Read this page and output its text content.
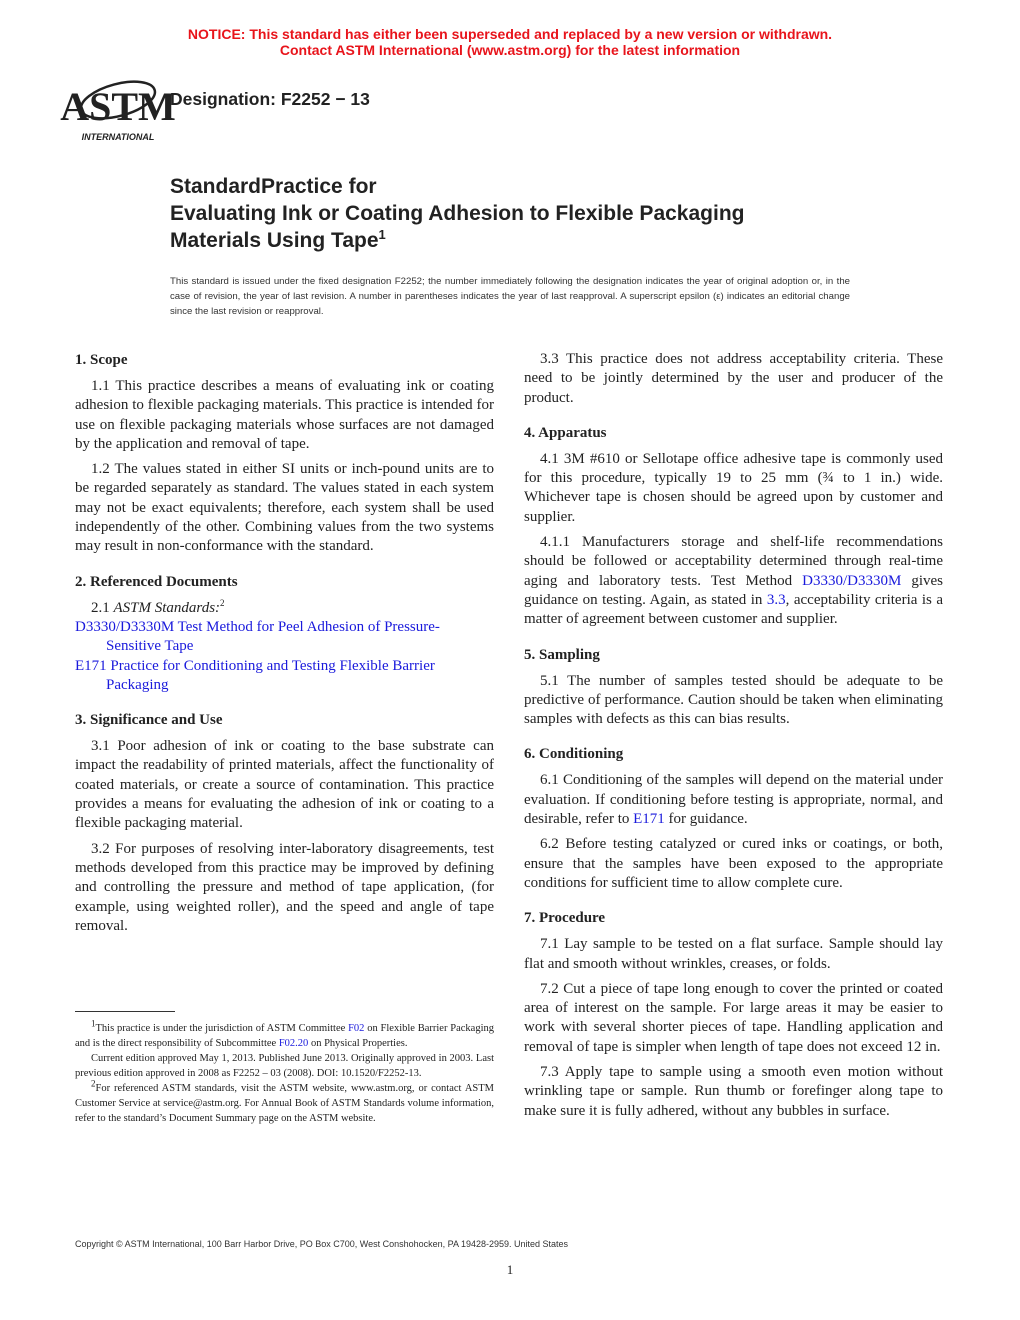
NOTICE: This standard has either been superseded and replaced by a new version or withdrawn.
Contact ASTM International (www.astm.org) for the latest information
ASTM
INTERNATIONAL
Designation: F2252 − 13
StandardPractice for
Evaluating Ink or Coating Adhesion to Flexible Packaging
Materials Using Tape$^1$
This standard is issued under the fixed designation F2252; the number immediately following the designation indicates the year of original adoption or, in the case of revision, the year of last revision. A number in parentheses indicates the year of last reapproval. A superscript epsilon (ε) indicates an editorial change since the last revision or reapproval.
1. Scope

1.1 This practice describes a means of evaluating ink or coating adhesion to flexible packaging materials. This practice is intended for use on flexible packaging materials whose surfaces are not damaged by the application and removal of tape.

1.2 The values stated in either SI units or inch-pound units are to be regarded separately as standard. The values stated in each system may not be exact equivalents; therefore, each system shall be used independently of the other. Combining values from the two systems may result in non-conformance with the standard.

2. Referenced Documents

2.1 ASTM Standards:$^2$

D3330/D3330M Test Method for Peel Adhesion of Pressure-Sensitive Tape

E171 Practice for Conditioning and Testing Flexible Barrier Packaging

3. Significance and Use

3.1 Poor adhesion of ink or coating to the base substrate can impact the readability of printed materials, affect the functionality of coated materials, or create a source of contamination. This practice provides a means for evaluating the adhesion of ink or coating to a flexible packaging material.

3.2 For purposes of resolving inter-laboratory disagreements, test methods developed from this practice may be improved by defining and controlling the pressure and method of tape application, (for example, using weighted roller), and the speed and angle of tape removal.

3.3 This practice does not address acceptability criteria. These need to be jointly determined by the user and producer of the product.

4. Apparatus

4.1 3M #610 or Sellotape office adhesive tape is commonly used for this procedure, typically 19 to 25 mm (¾ to 1 in.) wide. Whichever tape is chosen should be agreed upon by customer and supplier.

4.1.1 Manufacturers storage and shelf-life recommendations should be followed or acceptability determined through real-time aging and laboratory tests. Test Method D3330/D3330M gives guidance on testing. Again, as stated in 3.3, acceptability criteria is a matter of agreement between customer and supplier.

5. Sampling

5.1 The number of samples tested should be adequate to be predictive of performance. Caution should be taken when eliminating samples with defects as this can bias results.

6. Conditioning

6.1 Conditioning of the samples will depend on the material under evaluation. If conditioning before testing is appropriate, normal, and desirable, refer to E171 for guidance.

6.2 Before testing catalyzed or cured inks or coatings, or both, ensure that the samples have been exposed to the appropriate conditions for sufficient time to allow complete cure.

7. Procedure

7.1 Lay sample to be tested on a flat surface. Sample should lay flat and smooth without wrinkles, creases, or folds.

7.2 Cut a piece of tape long enough to cover the printed or coated area of interest on the sample. For large areas it may be easier to work with several shorter pieces of tape. Handling application and removal of tape is simpler when length of tape does not exceed 12 in.

7.3 Apply tape to sample using a smooth even motion without wrinkling tape or sample. Run thumb or forefinger along tape to make sure it is fully adhered, without any bubbles in surface.

$^1$This practice is under the jurisdiction of ASTM Committee F02 on Flexible Barrier Packaging and is the direct responsibility of Subcommittee F02.20 on Physical Properties.

Current edition approved May 1, 2013. Published June 2013. Originally approved in 2003. Last previous edition approved in 2008 as F2252 – 03 (2008). DOI: 10.1520/F2252-13.

$^2$For referenced ASTM standards, visit the ASTM website, www.astm.org, or contact ASTM Customer Service at service@astm.org. For Annual Book of ASTM Standards volume information, refer to the standard’s Document Summary page on the ASTM website.

Copyright © ASTM International, 100 Barr Harbor Drive, PO Box C700, West Conshohocken, PA 19428-2959. United States
1
